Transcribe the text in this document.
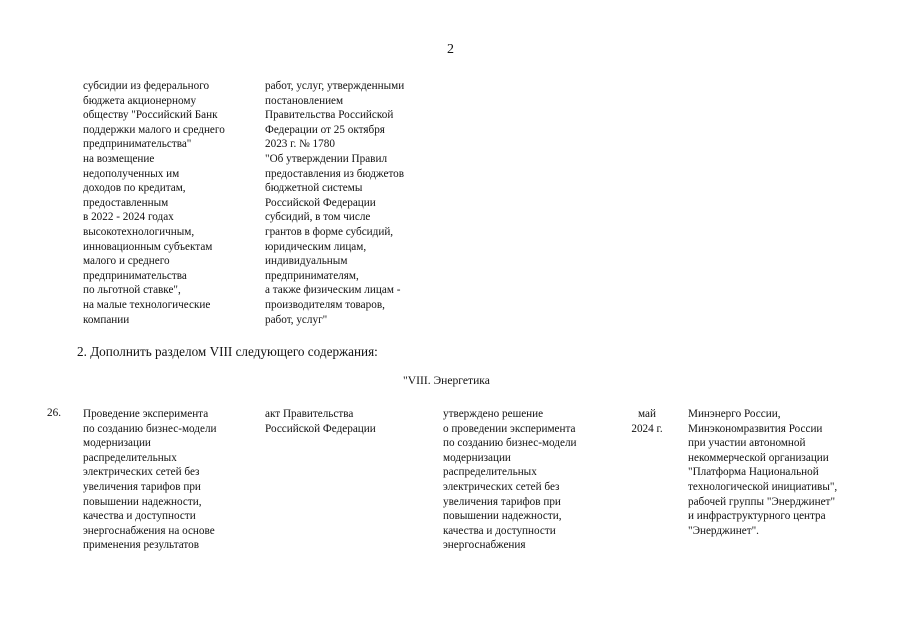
2
субсидии из федерального
бюджета акционерному
обществу "Российский Банк
поддержки малого и среднего
предпринимательства"
на возмещение
недополученных им
доходов по кредитам,
предоставленным
в 2022 - 2024 годах
высокотехнологичным,
инновационным субъектам
малого и среднего
предпринимательства
по льготной ставке",
на малые технологические
компании
работ, услуг, утвержденными
постановлением
Правительства Российской
Федерации от 25 октября
2023 г. № 1780
"Об утверждении Правил
предоставления из бюджетов
бюджетной системы
Российской Федерации
субсидий, в том числе
грантов в форме субсидий,
юридическим лицам,
индивидуальным
предпринимателям,
а также физическим лицам -
производителям товаров,
работ, услуг"
2. Дополнить разделом VIII следующего содержания:
"VIII. Энергетика
26. Проведение эксперимента
по созданию бизнес-модели
модернизации
распределительных
электрических сетей без
увеличения тарифов при
повышении надежности,
качества и доступности
энергоснабжения на основе
применения результатов
акт Правительства
Российской Федерации
утверждено решение
о проведении эксперимента
по созданию бизнес-модели
модернизации
распределительных
электрических сетей без
увеличения тарифов при
повышении надежности,
качества и доступности
энергоснабжения
май
2024 г.
Минэнерго России,
Минэкономразвития России
при участии автономной
некоммерческой организации
"Платформа Национальной
технологической инициативы",
рабочей группы "Энерджинет"
и инфраструктурного центра
"Энерджинет".
